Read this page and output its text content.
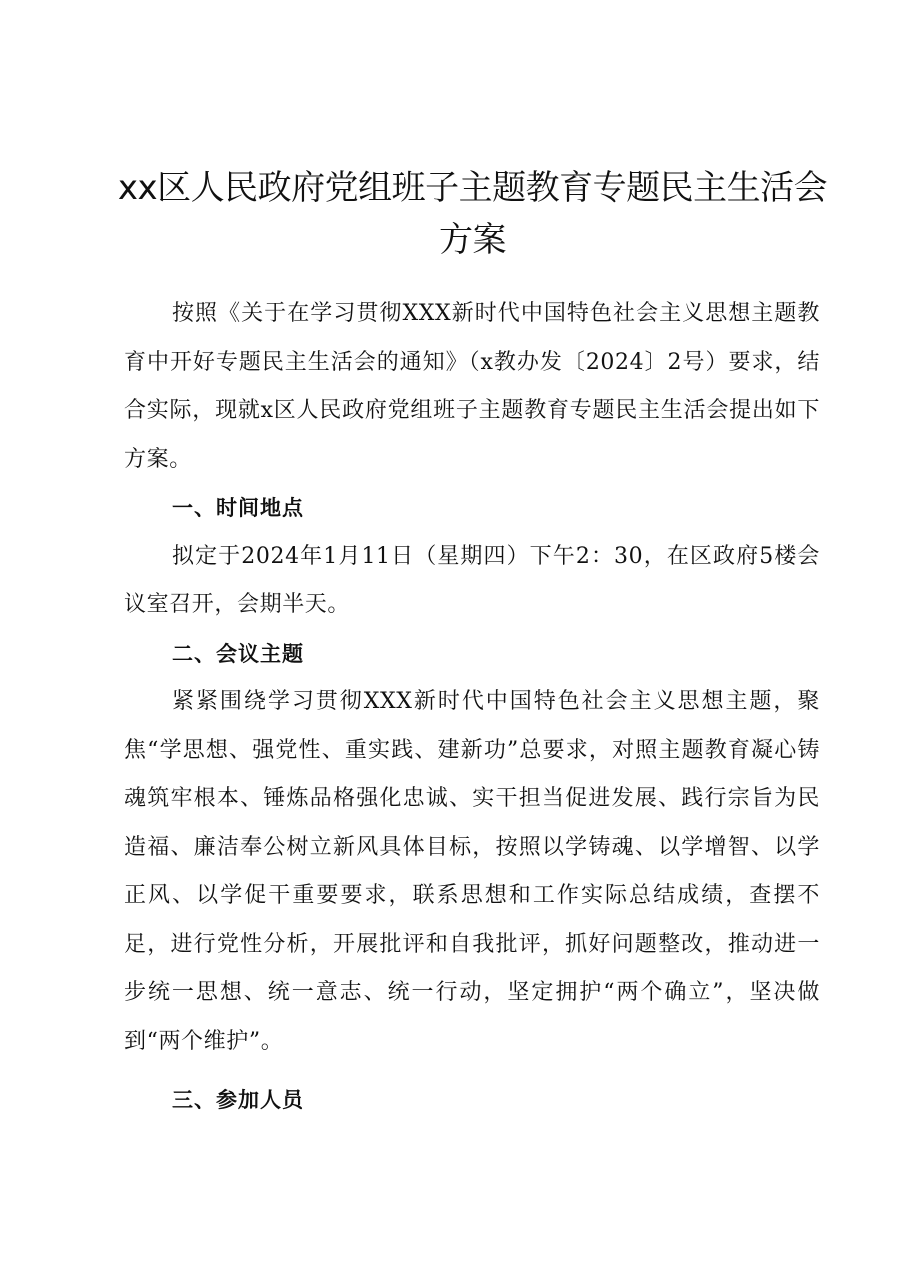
xx区人民政府党组班子主题教育专题民主生活会
方案

按照《关于在学习贯彻XXX新时代中国特色社会主义思想主题教育中开好专题民主生活会的通知》（x教办发〔2024〕2号）要求，结合实际，现就x区人民政府党组班子主题教育专题民主生活会提出如下方案。

一、时间地点

拟定于2024年1月11日（星期四）下午2：30，在区政府5楼会议室召开，会期半天。

二、会议主题

紧紧围绕学习贯彻XXX新时代中国特色社会主义思想主题，聚焦“学思想、强党性、重实践、建新功”总要求，对照主题教育凝心铸魂筑牢根本、锤炼品格强化忠诚、实干担当促进发展、践行宗旨为民造福、廉洁奉公树立新风具体目标，按照以学铸魂、以学增智、以学正风、以学促干重要要求，联系思想和工作实际总结成绩，查摆不足，进行党性分析，开展批评和自我批评，抓好问题整改，推动进一步统一思想、统一意志、统一行动，坚定拥护“两个确立”，坚决做到“两个维护”。

三、参加人员
